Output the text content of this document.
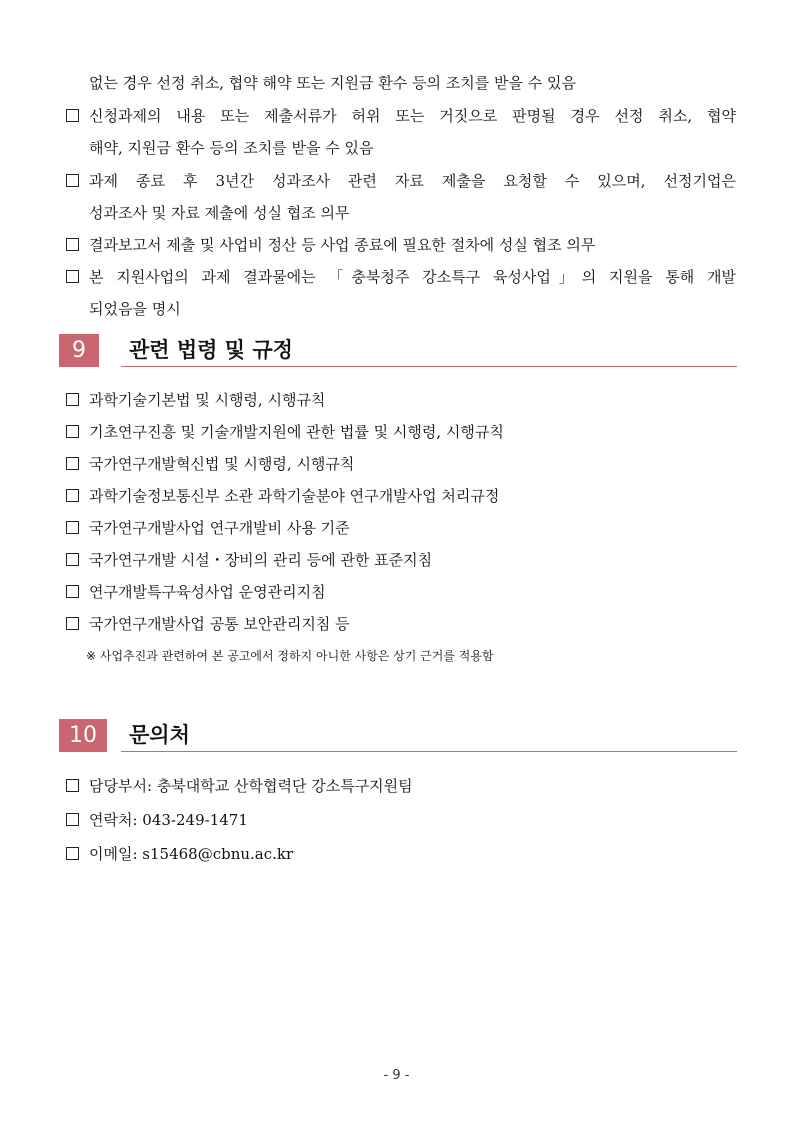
없는 경우 선정 취소, 협약 해약 또는 지원금 환수 등의 조치를 받을 수 있음
신청과제의 내용 또는 제출서류가 허위 또는 거짓으로 판명될 경우 선정 취소, 협약
해약, 지원금 환수 등의 조치를 받을 수 있음
과제 종료 후 3년간 성과조사 관련 자료 제출을 요청할 수 있으며, 선정기업은
성과조사 및 자료 제출에 성실 협조 의무
결과보고서 제출 및 사업비 정산 등 사업 종료에 필요한 절차에 성실 협조 의무
본 지원사업의 과제 결과물에는 「충북청주 강소특구 육성사업」의 지원을 통해 개발
되었음을 명시
9	관련 법령 및 규정
과학기술기본법 및 시행령, 시행규칙
기초연구진흥 및 기술개발지원에 관한 법률 및 시행령, 시행규칙
국가연구개발혁신법 및 시행령, 시행규칙
과학기술정보통신부 소관 과학기술분야 연구개발사업 처리규정
국가연구개발사업 연구개발비 사용 기준
국가연구개발 시설・장비의 관리 등에 관한 표준지침
연구개발특구육성사업 운영관리지침
국가연구개발사업 공통 보안관리지침 등
※ 사업추진과 관련하여 본 공고에서 정하지 아니한 사항은 상기 근거를 적용함
10	문의처
담당부서: 충북대학교 산학협력단 강소특구지원팀
연락처: 043-249-1471
이메일: s15468@cbnu.ac.kr
- 9 -
